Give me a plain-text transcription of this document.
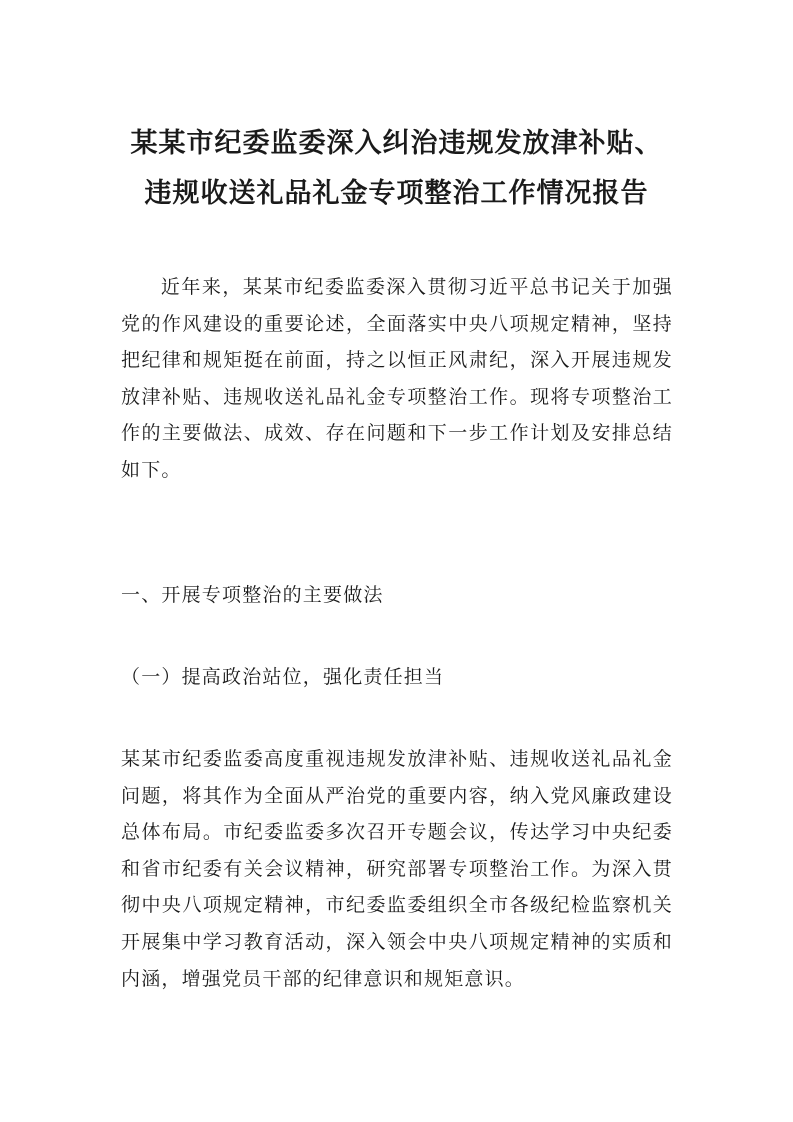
某某市纪委监委深入纠治违规发放津补贴、
违规收送礼品礼金专项整治工作情况报告

近年来，某某市纪委监委深入贯彻习近平总书记关于加强党的作风建设的重要论述，全面落实中央八项规定精神，坚持把纪律和规矩挺在前面，持之以恒正风肃纪，深入开展违规发放津补贴、违规收送礼品礼金专项整治工作。现将专项整治工作的主要做法、成效、存在问题和下一步工作计划及安排总结如下。

一、开展专项整治的主要做法

（一）提高政治站位，强化责任担当

某某市纪委监委高度重视违规发放津补贴、违规收送礼品礼金问题，将其作为全面从严治党的重要内容，纳入党风廉政建设总体布局。市纪委监委多次召开专题会议，传达学习中央纪委和省市纪委有关会议精神，研究部署专项整治工作。为深入贯彻中央八项规定精神，市纪委监委组织全市各级纪检监察机关开展集中学习教育活动，深入领会中央八项规定精神的实质和内涵，增强党员干部的纪律意识和规矩意识。
